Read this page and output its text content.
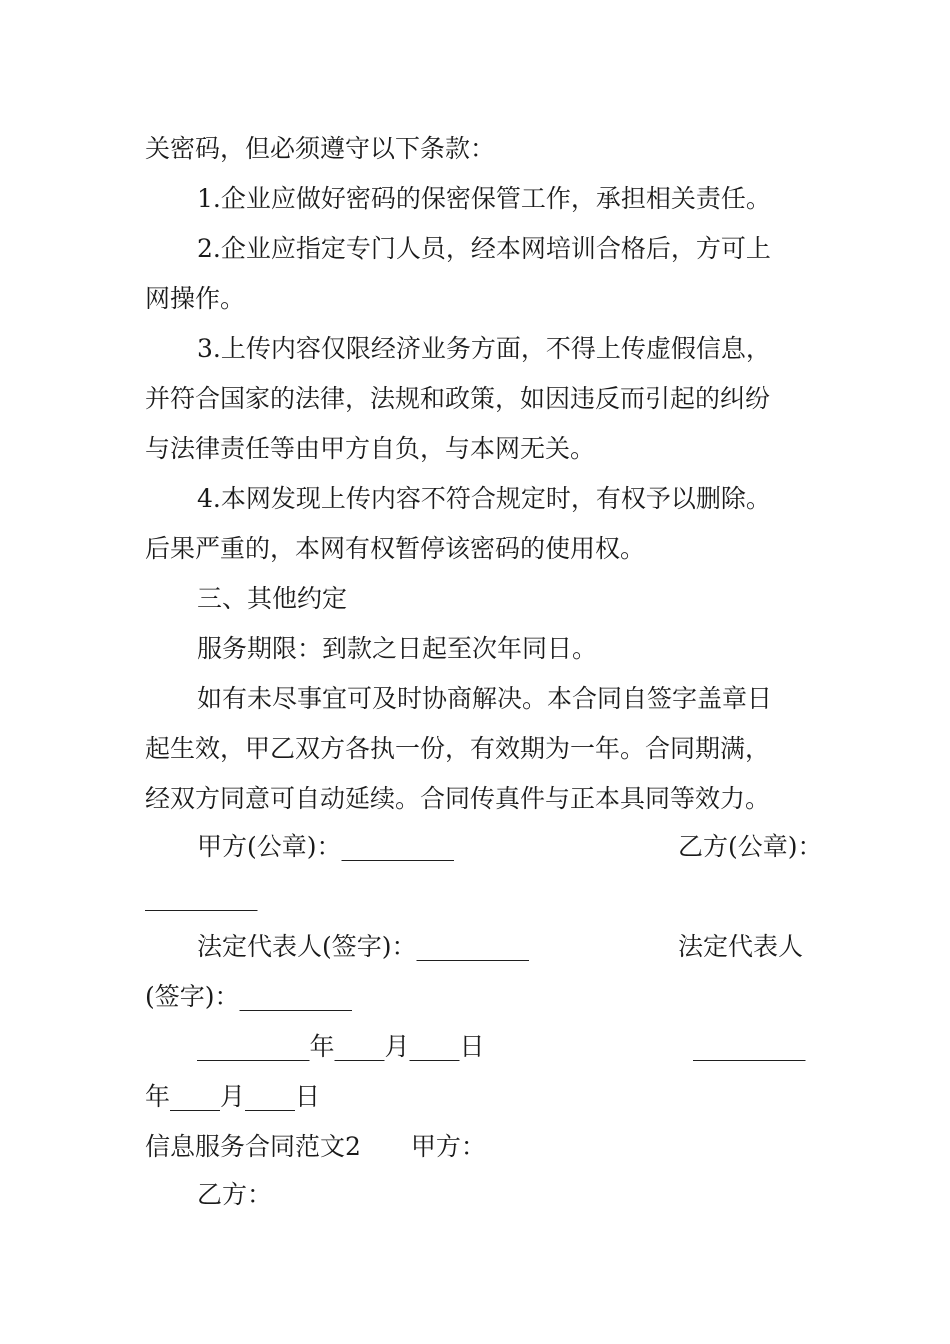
关密码，但必须遵守以下条款：
1.企业应做好密码的保密保管工作，承担相关责任。
2.企业应指定专门人员，经本网培训合格后，方可上
网操作。
3.上传内容仅限经济业务方面，不得上传虚假信息，
并符合国家的法律，法规和政策，如因违反而引起的纠纷
与法律责任等由甲方自负，与本网无关。
4.本网发现上传内容不符合规定时，有权予以删除。
后果严重的，本网有权暂停该密码的使用权。
三、其他约定
服务期限：到款之日起至次年同日。
如有未尽事宜可及时协商解决。本合同自签字盖章日
起生效，甲乙双方各执一份，有效期为一年。合同期满，
经双方同意可自动延续。合同传真件与正本具同等效力。
甲方(公章)：_________	乙方(公章)：
_________
法定代表人(签字)：_________	法定代表人
(签字)：_________
_________年____月____日	_________
年____月____日
信息服务合同范文2　　甲方：
乙方：
